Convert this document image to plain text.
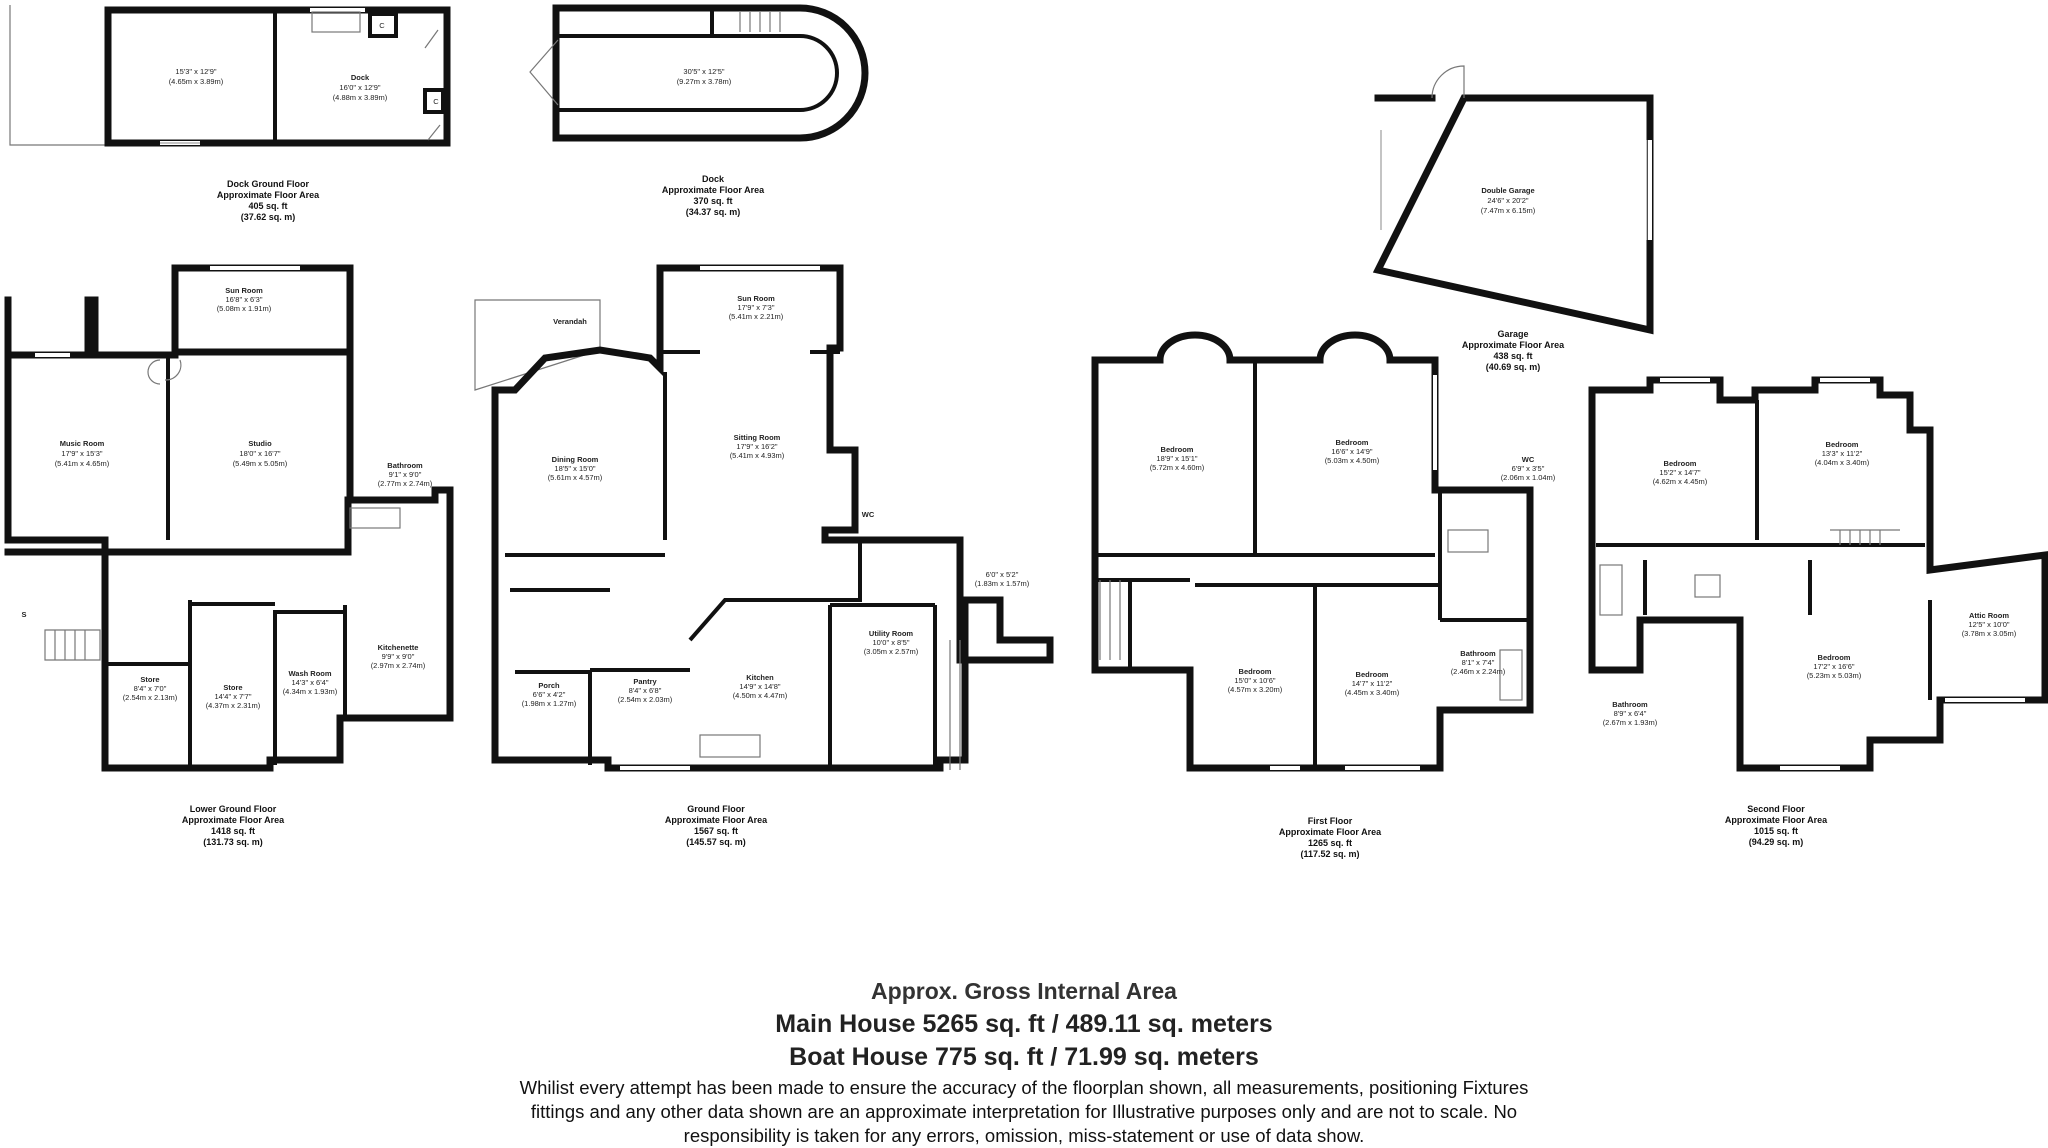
15'3" x 12'9"
(4.65m x 3.89m)	Dock
16'0" x 12'9"
(4.88m x 3.89m)
C
C
30'5" x 12'5"
(9.27m x 3.78m)
Double Garage
24'6" x 20'2"
(7.47m x 6.15m)
Sun Room
16'8" x 6'3"
(5.08m x 1.91m)
Music Room
17'9" x 15'3"
(5.41m x 4.65m)
Studio
18'0" x 16'7"
(5.49m x 5.05m)	Bathroom
9'1" x 9'0"
(2.77m x 2.74m)
Store
8'4" x 7'0"
(2.54m x 2.13m)
Store
14'4" x 7'7"
(4.37m x 2.31m)
Wash Room
14'3" x 6'4"
(4.34m x 1.93m)
Kitchenette
9'9" x 9'0"
(2.97m x 2.74m)
S
Verandah
Sun Room
17'9" x 7'3"
(5.41m x 2.21m)
Dining Room
18'5" x 15'0"
(5.61m x 4.57m)
Sitting Room
17'9" x 16'2"
(5.41m x 4.93m)
WC
Kitchen
14'9" x 14'8"
(4.50m x 4.47m)
Utility Room
10'0" x 8'5"
(3.05m x 2.57m)
Pantry
8'4" x 6'8"
(2.54m x 2.03m)
Porch
6'6" x 4'2"
(1.98m x 1.27m)
6'0" x 5'2"
(1.83m x 1.57m)
Bedroom
18'9" x 15'1"
(5.72m x 4.60m)
Bedroom
16'6" x 14'9"
(5.03m x 4.50m)	WC
6'9" x 3'5"
(2.06m x 1.04m)
Bedroom
15'0" x 10'6"
(4.57m x 3.20m)
Bedroom
14'7" x 11'2"
(4.45m x 3.40m)
Bathroom
8'1" x 7'4"
(2.46m x 2.24m)
Bedroom
15'2" x 14'7"
(4.62m x 4.45m)
Bedroom
13'3" x 11'2"
(4.04m x 3.40m)
Attic Room
12'5" x 10'0"
(3.78m x 3.05m)
Bedroom
17'2" x 16'6"
(5.23m x 5.03m)
Bathroom
8'9" x 6'4"
(2.67m x 1.93m)
Dock Ground Floor
Approximate Floor Area
405 sq. ft
(37.62 sq. m)
Dock
Approximate Floor Area
370 sq. ft
(34.37 sq. m)
Garage
Approximate Floor Area
438 sq. ft
(40.69 sq. m)
Lower Ground Floor
Approximate Floor Area
1418 sq. ft
(131.73 sq. m)
Ground Floor
Approximate Floor Area
1567 sq. ft
(145.57 sq. m)
First Floor
Approximate Floor Area
1265 sq. ft
(117.52 sq. m)
Second Floor
Approximate Floor Area
1015 sq. ft
(94.29 sq. m)
Approx. Gross Internal Area
Main House 5265 sq. ft / 489.11 sq. meters
Boat House 775 sq. ft / 71.99 sq. meters
Whilist every attempt has been made to ensure the accuracy of the floorplan shown, all measurements, positioning Fixtures fittings and any other data shown are an approximate interpretation for Illustrative purposes only and are not to scale. No responsibility is taken for any errors, omission, miss-statement or use of data show.
